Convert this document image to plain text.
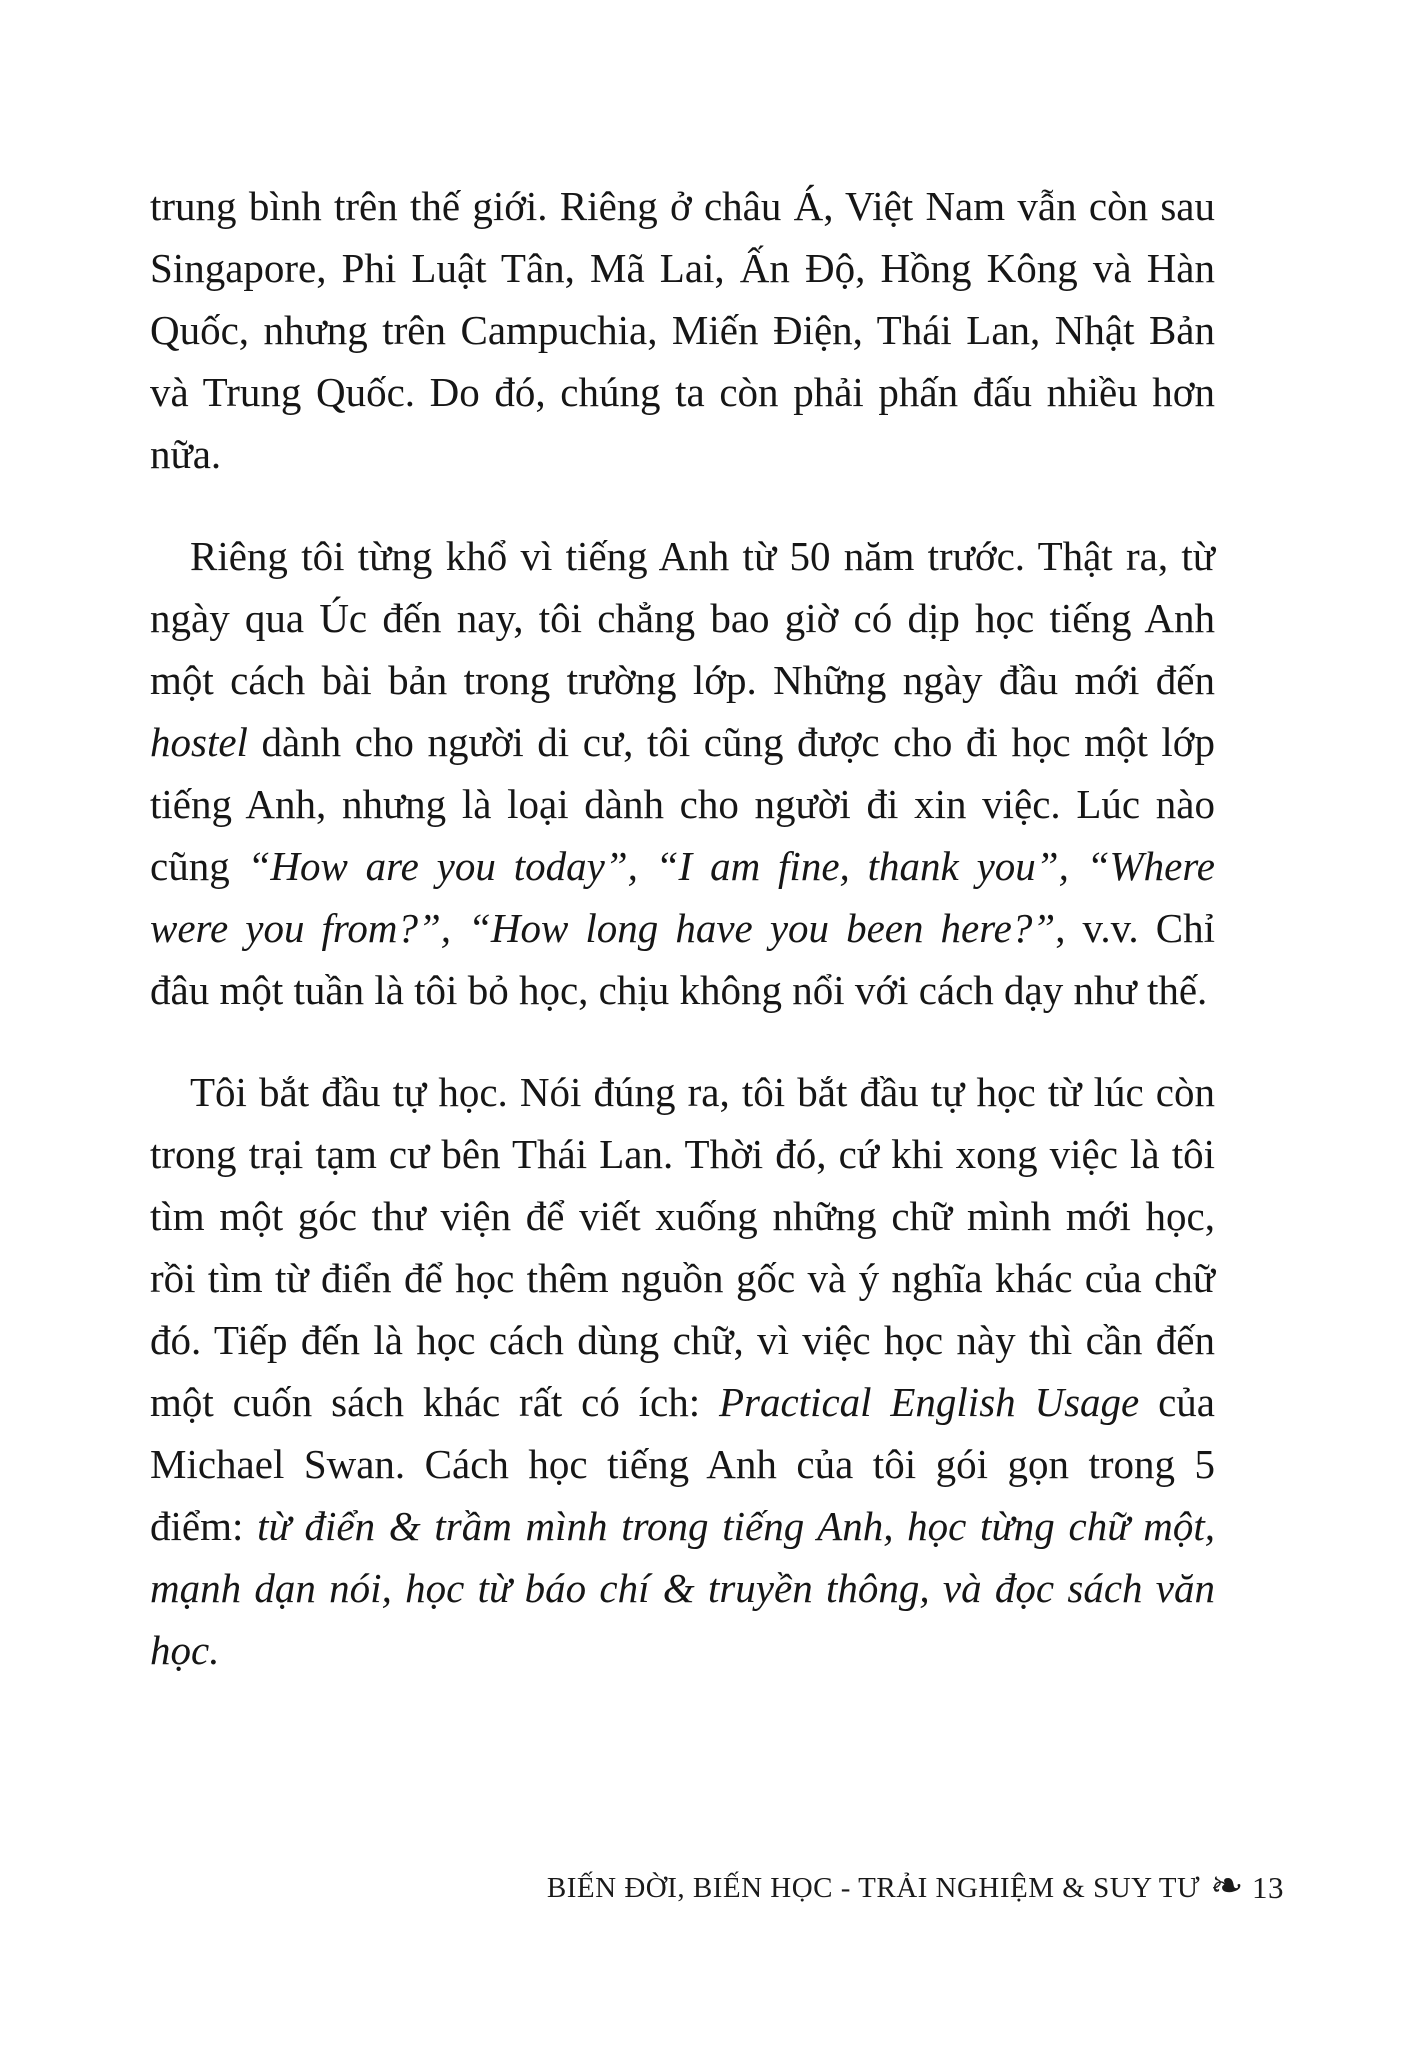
trung bình trên thế giới. Riêng ở châu Á, Việt Nam vẫn còn sau Singapore, Phi Luật Tân, Mã Lai, Ấn Độ, Hồng Kông và Hàn Quốc, nhưng trên Campuchia, Miến Điện, Thái Lan, Nhật Bản và Trung Quốc. Do đó, chúng ta còn phải phấn đấu nhiều hơn nữa.

Riêng tôi từng khổ vì tiếng Anh từ 50 năm trước. Thật ra, từ ngày qua Úc đến nay, tôi chẳng bao giờ có dịp học tiếng Anh một cách bài bản trong trường lớp. Những ngày đầu mới đến hostel dành cho người di cư, tôi cũng được cho đi học một lớp tiếng Anh, nhưng là loại dành cho người đi xin việc. Lúc nào cũng “How are you today”, “I am fine, thank you”, “Where were you from?”, “How long have you been here?”, v.v. Chỉ đâu một tuần là tôi bỏ học, chịu không nổi với cách dạy như thế.

Tôi bắt đầu tự học. Nói đúng ra, tôi bắt đầu tự học từ lúc còn trong trại tạm cư bên Thái Lan. Thời đó, cứ khi xong việc là tôi tìm một góc thư viện để viết xuống những chữ mình mới học, rồi tìm từ điển để học thêm nguồn gốc và ý nghĩa khác của chữ đó. Tiếp đến là học cách dùng chữ, vì việc học này thì cần đến một cuốn sách khác rất có ích: Practical English Usage của Michael Swan. Cách học tiếng Anh của tôi gói gọn trong 5 điểm: từ điển & trầm mình trong tiếng Anh, học từng chữ một, mạnh dạn nói, học từ báo chí & truyền thông, và đọc sách văn học.

BIẾN ĐỜI, BIẾN HỌC - TRẢI NGHIỆM & SUY TƯ ❧ 13
